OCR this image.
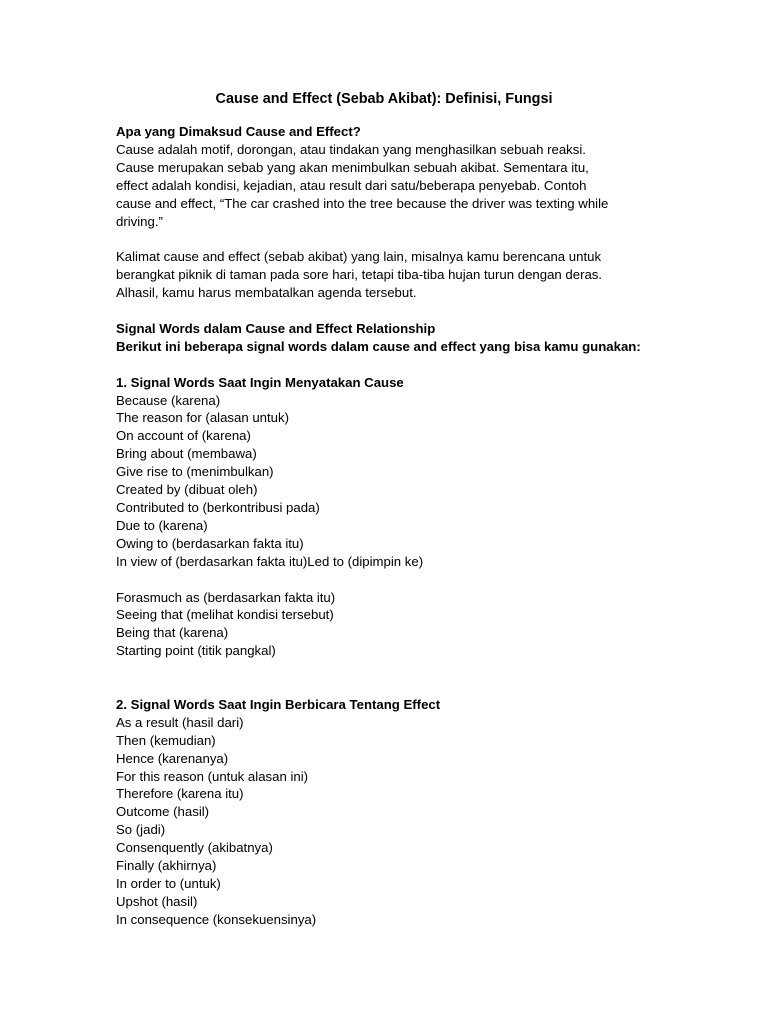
Cause and Effect (Sebab Akibat): Definisi, Fungsi

Apa yang Dimaksud Cause and Effect?

Cause adalah motif, dorongan, atau tindakan yang menghasilkan sebuah reaksi.

Cause merupakan sebab yang akan menimbulkan sebuah akibat. Sementara itu,

effect adalah kondisi, kejadian, atau result dari satu/beberapa penyebab. Contoh

cause and effect, “The car crashed into the tree because the driver was texting while

driving.”

Kalimat cause and effect (sebab akibat) yang lain, misalnya kamu berencana untuk

berangkat piknik di taman pada sore hari, tetapi tiba-tiba hujan turun dengan deras.

Alhasil, kamu harus membatalkan agenda tersebut.

Signal Words dalam Cause and Effect Relationship

Berikut ini beberapa signal words dalam cause and effect yang bisa kamu gunakan:

1. Signal Words Saat Ingin Menyatakan Cause

Because (karena)

The reason for (alasan untuk)

On account of (karena)

Bring about (membawa)

Give rise to (menimbulkan)

Created by (dibuat oleh)

Contributed to (berkontribusi pada)

Due to (karena)

Owing to (berdasarkan fakta itu)

In view of (berdasarkan fakta itu)Led to (dipimpin ke)

Forasmuch as (berdasarkan fakta itu)

Seeing that (melihat kondisi tersebut)

Being that (karena)

Starting point (titik pangkal)

2. Signal Words Saat Ingin Berbicara Tentang Effect

As a result (hasil dari)

Then (kemudian)

Hence (karenanya)

For this reason (untuk alasan ini)

Therefore (karena itu)

Outcome (hasil)

So (jadi)

Consenquently (akibatnya)

Finally (akhirnya)

In order to (untuk)

Upshot (hasil)

In consequence (konsekuensinya)
